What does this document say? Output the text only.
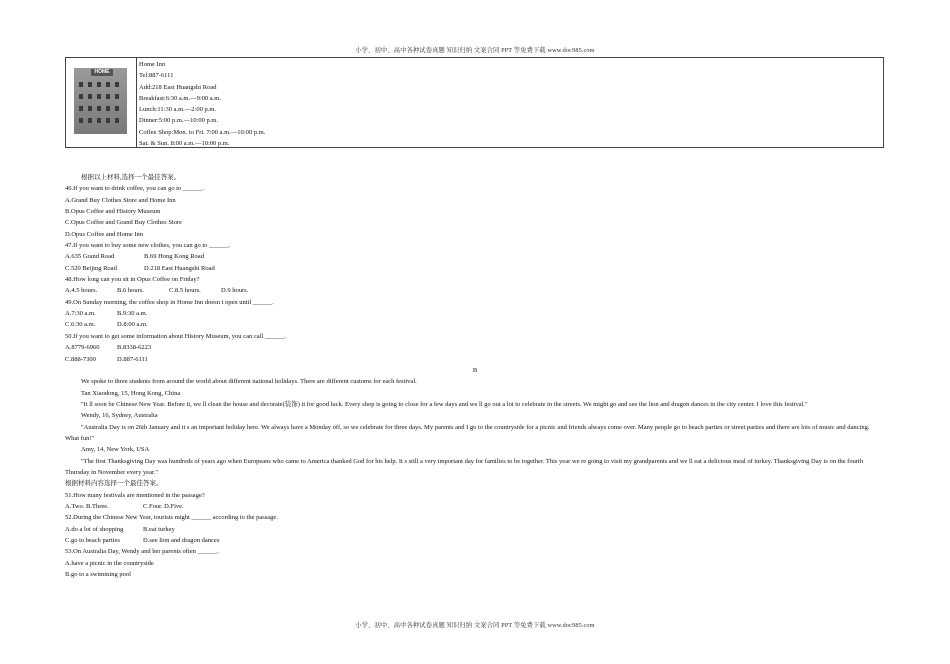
小学、初中、高中各种试卷真题 知识归纳 文案合同 PPT 等免费下载 www.doc985.com
HOME
Home Inn
Tel:887-6111
Add:218 East Huangshi Road
Breakfast:6:30 a.m.—9:00 a.m.
Lunch:11:30 a.m.—2:00 p.m.
Dinner:5:00 p.m.—10:00 p.m.
Coffee Shop:Mon. to Fri. 7:00 a.m.—10:00 p.m.
Sat. & Sun. 8:00 a.m.—10:00 p.m.
根据以上材料,选择一个最佳答案。
46.If you want to drink coffee, you can go to ______.
A.Grand Buy Clothes Store and Home Inn
B.Opus Coffee and History Museum
C.Opus Coffee and Grand Buy Clothes Store
D.Opus Coffee and Home Inn
47.If you want to buy some new clothes, you can go to ______.
A.635 Grand Road	B.69 Hong Kong Road
C.520 Beijing Road	D.218 East Huangshi Road
48.How long can you sit in Opus Coffee on Friday?
A.4.5 hours.	B.6 hours.	C.8.5 hours.	D.9 hours.
49.On Sunday morning, the coffee shop in Home Inn doesn t open until ______.
A.7:30 a.m.	B.9:30 a.m.
C.6:30 a.m.	D.8:00 a.m.
50.If you want to get some information about History Museum, you can call ______.
A.8779-6960	B.8338-6223
C.888-7300	D.887-6111
B
We spoke to three students from around the world about different national holidays. There are different customs for each festival.
Tan Xiaodong, 15, Hong Kong, China
"It ll soon be Chinese New Year. Before it, we ll clean the house and decorate(装饰) it for good luck. Every shop is going to close for a few days and we ll go out a lot to celebrate in the streets. We might go and see the lion and dragon dances in the city center. I love this festival."
Wendy, 16, Sydney, Australia
"Australia Day is on 26th January and it s an important holiday here. We always have a Monday off, so we celebrate for three days. My parents and I go to the countryside for a picnic and friends always come over. Many people go to beach parties or street parties and there are lots of music and dancing. What fun!"
Amy, 14, New York, USA
"The first Thanksgiving Day was hundreds of years ago when Europeans who came to America thanked God for his help. It s still a very important day for families to be together. This year we re going to visit my grandparents and we ll eat a delicious meal of turkey. Thanksgiving Day is on the fourth Thursday in November every year."
根据材料内容选择一个最佳答案。
51.How many festivals are mentioned in the passage?
A.Two. B.Three.	C.Four. D.Five.
52.During the Chinese New Year, tourists might ______ according to the passage.
A.do a lot of shopping	B.eat turkey
C.go to beach parties	D.see lion and dragon dances
53.On Australia Day, Wendy and her parents often ______.
A.have a picnic in the countryside
B.go to a swimming pool
小学、初中、高中各种试卷真题 知识归纳 文案合同 PPT 等免费下载 www.doc985.com
